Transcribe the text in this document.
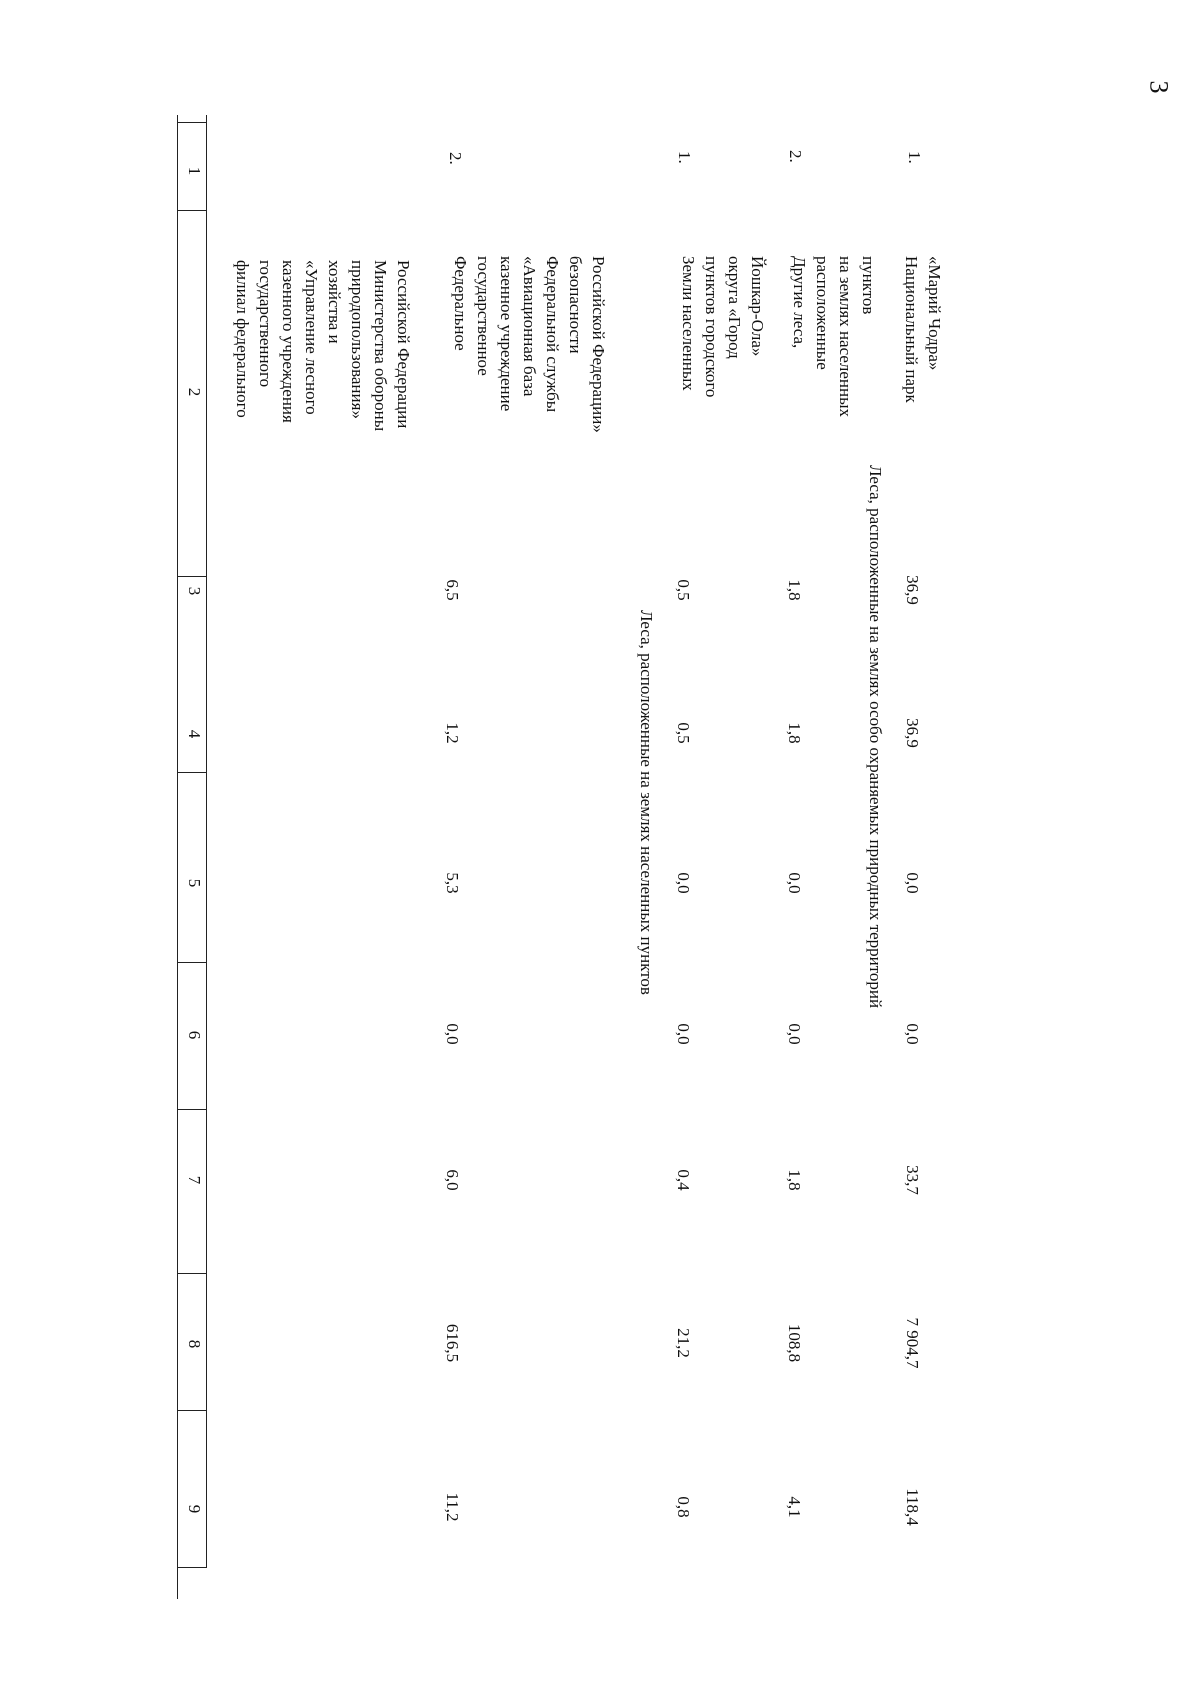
3
1
2
3
4
5
6
7
8
9
Российской Федерации
Министерства обороны
природопользования»
хозяйства и
«Управление лесного
казенного учреждения
государственного
филиал федерального
2.
Российской Федерации»
безопасности
Федеральной службы
«Авиационная база
казенное учреждение
государственное
Федеральное
6,5
1,2
5,3
0,0
6,0
616,5
11,2
Леса, расположенные на землях населенных пунктов
1.
Йошкар-Ола»
округа «Город
пунктов городского
Земли населенных
0,5
0,5
0,0
0,0
0,4
21,2
0,8
2.
пунктов
на землях населенных
расположенные
Другие леса,
1,8
1,8
0,0
0,0
1,8
108,8
4,1
Леса, расположенные на землях особо охраняемых природных территорий
1.
«Марий Чодра»
Национальный парк
36,9
36,9
0,0
0,0
33,7
7 904,7
118,4
